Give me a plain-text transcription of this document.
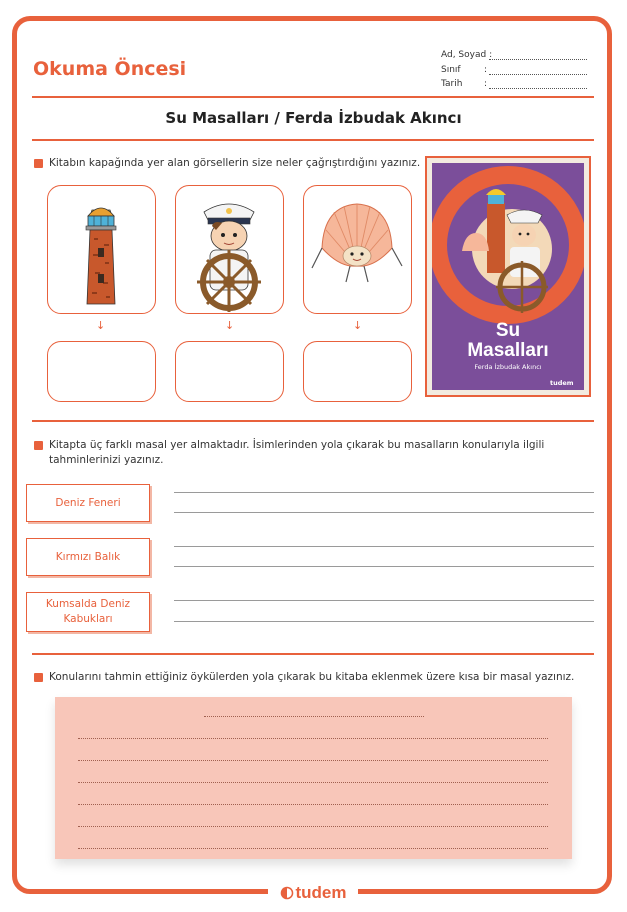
Okuma Öncesi
Ad, Soyad :
Sınıf	:
Tarih :
Su Masalları / Ferda İzbudak Akıncı
Kitabın kapağında yer alan görsellerin size neler çağrıştırdığını yazınız.
↓	↓	↓	Su
Masalları
Ferda İzbudak Akıncı
tudem
Kitapta üç farklı masal yer almaktadır. İsimlerinden yola çıkarak bu masalların konularıyla ilgili
tahminlerinizi yazınız.
Deniz Feneri
Kırmızı Balık
Kumsalda Deniz
Kabukları
Konularını tahmin ettiğiniz öykülerden yola çıkarak bu kitaba eklenmek üzere kısa bir masal yazınız.
tudem
